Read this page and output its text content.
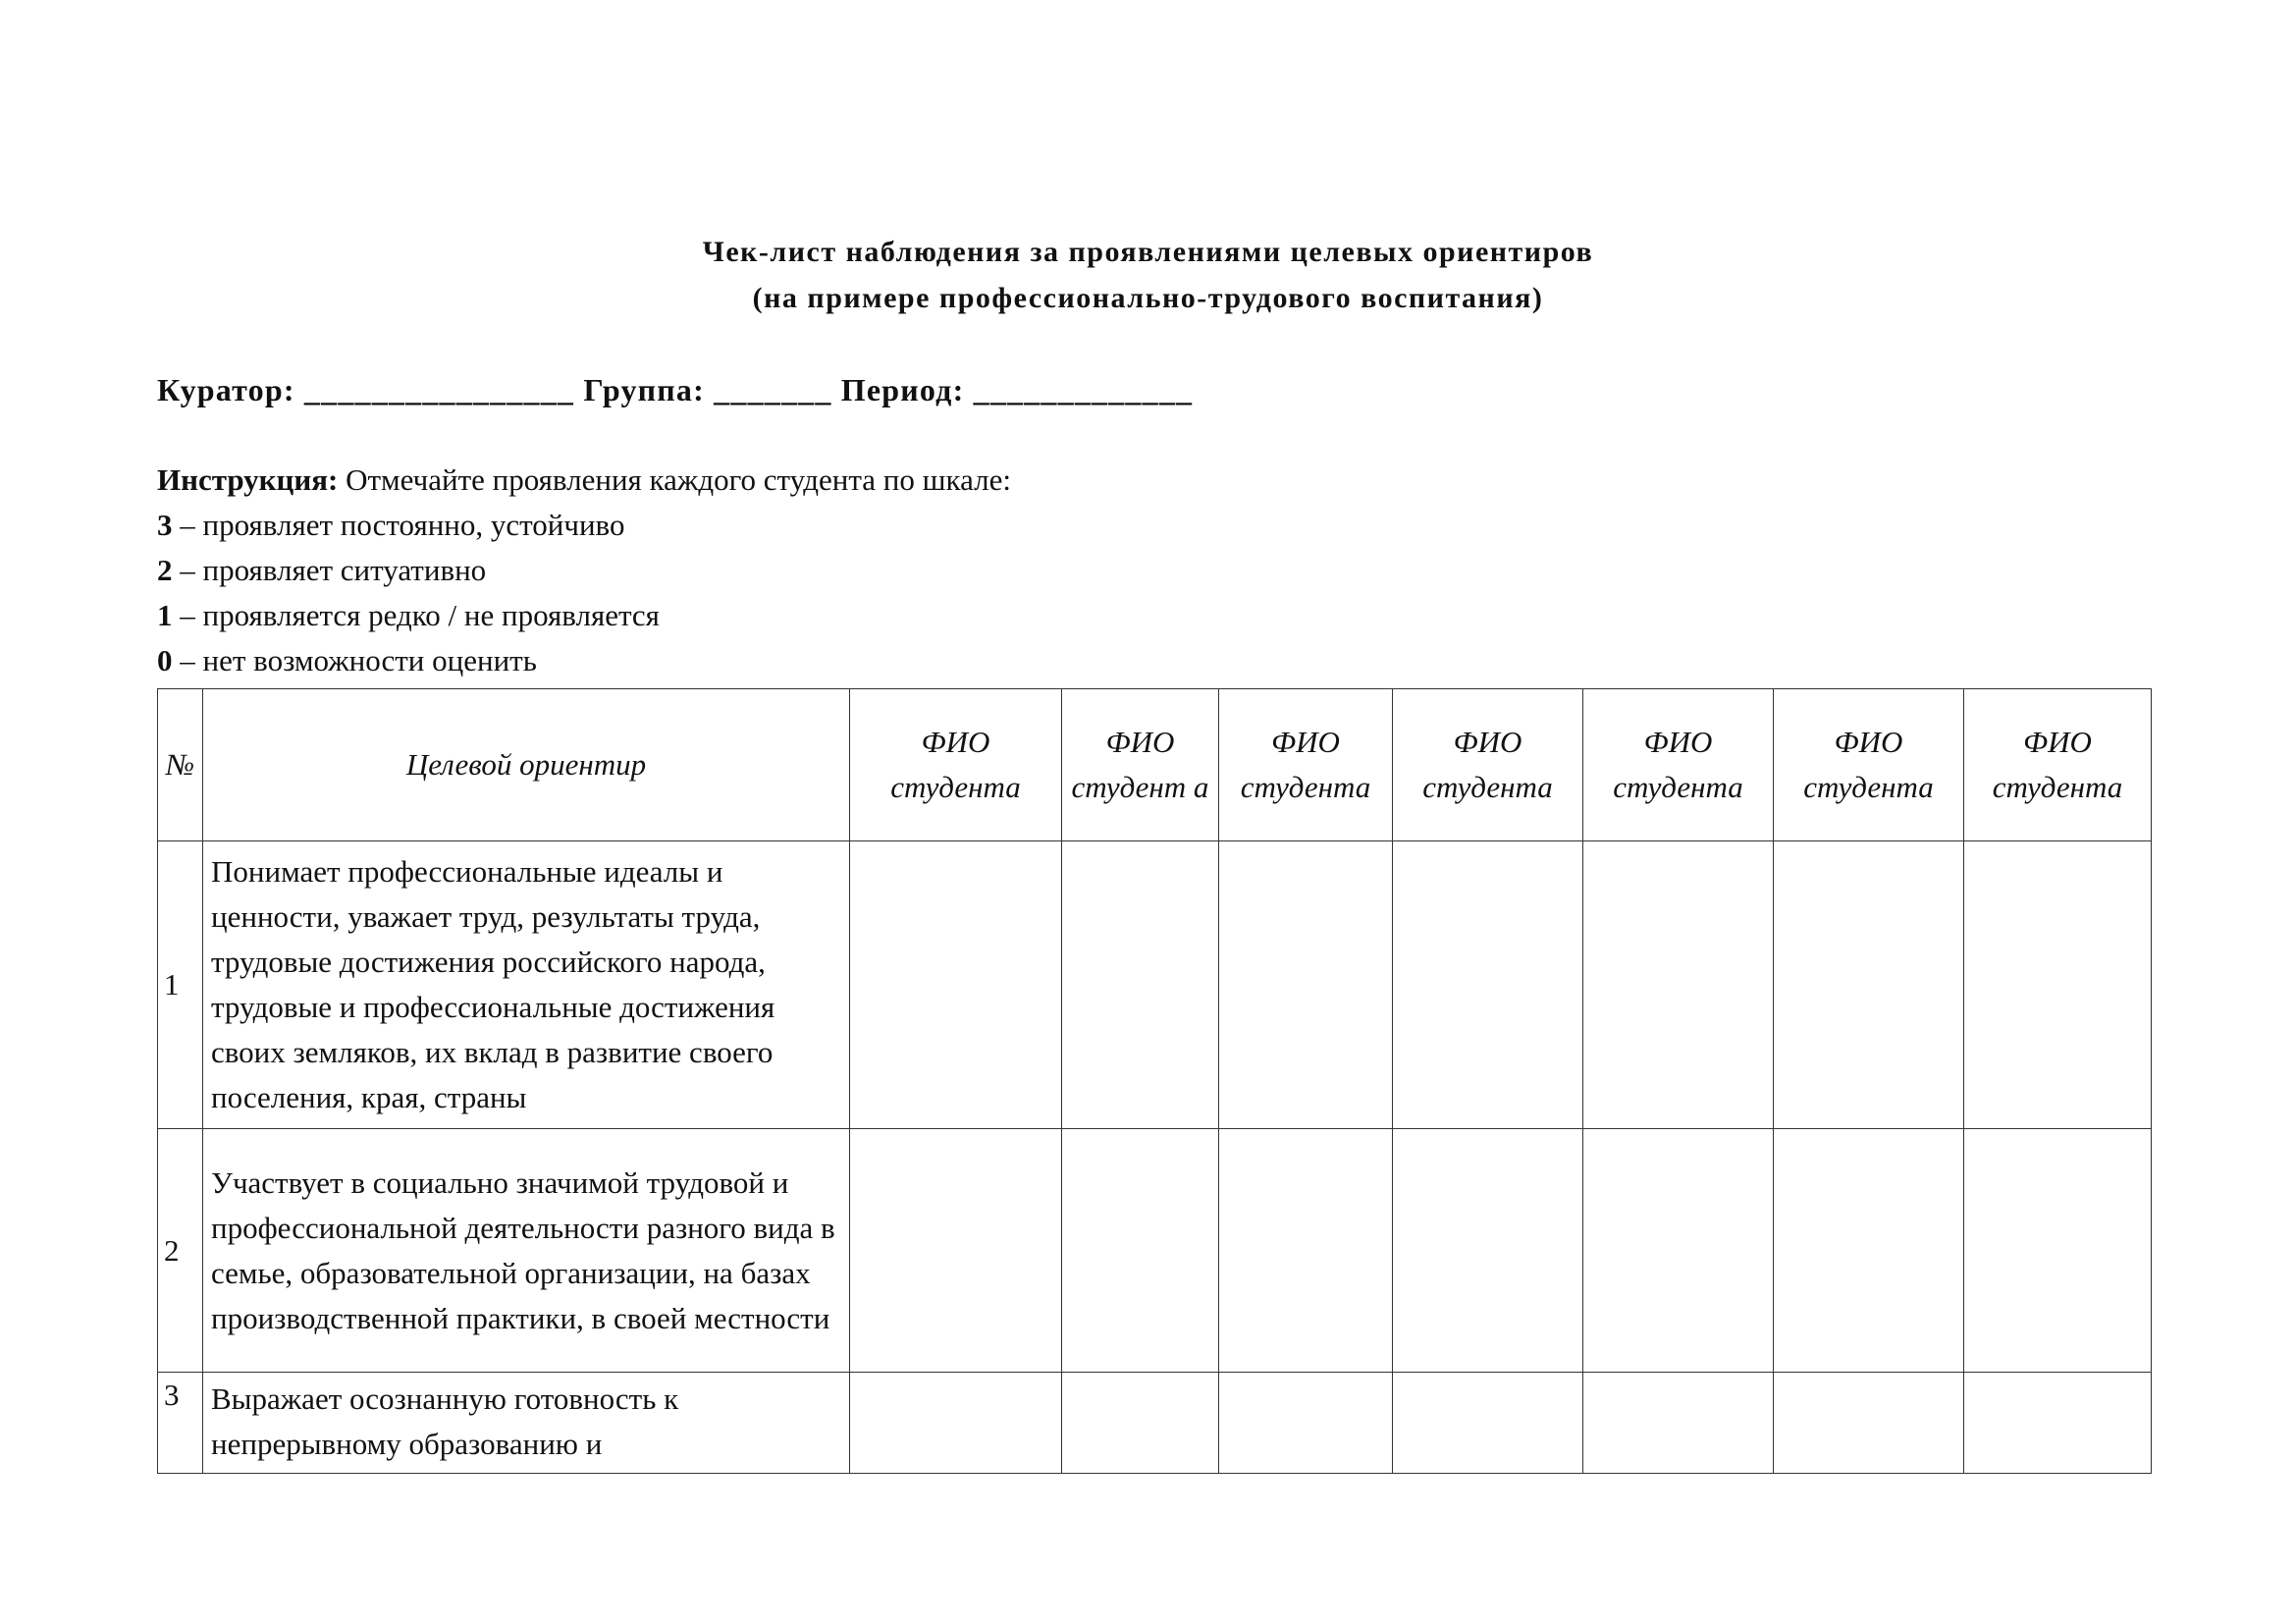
Чек-лист наблюдения за проявлениями целевых ориентиров
(на примере профессионально-трудового воспитания)
Куратор: ________________ Группа: _______ Период: _____________
Инструкция: Отмечайте проявления каждого студента по шкале:
3 – проявляет постоянно, устойчиво
2 – проявляет ситуативно
1 – проявляется редко / не проявляется
0 – нет возможности оценить
№	Целевой ориентир	ФИО студента	ФИО студент а	ФИО студента	ФИО студента	ФИО студента	ФИО студента	ФИО студента

1	Понимает профессиональные идеалы и ценности, уважает труд, результаты труда, трудовые достижения российского народа, трудовые и профессиональные достижения своих земляков, их вклад в развитие своего поселения, края, страны							
2	Участвует в социально значимой трудовой и профессиональной деятельности разного вида в семье, образовательной организации, на базах производственной практики, в своей местности							
3	Выражает осознанную готовность к непрерывному образованию и							
